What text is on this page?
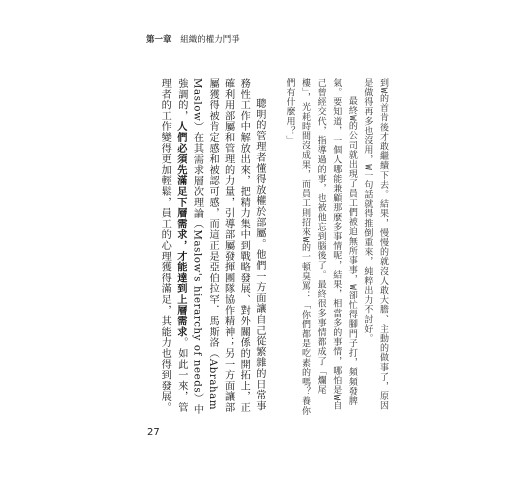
第一章 組織的權力鬥爭

到W的首肯後才敢繼續下去。結果，慢慢的就沒人敢大膽、主動的做事了，原因是做得再多也沒用，W一句話就得推倒重來，純粹出力不討好。

最終W的公司就出現了員工們被迫無所事事，W卻忙得腳門子打，頻頻發脾氣。要知道，一個人哪能兼顧那麼多事情呢，結果，相當多的事情，哪怕是W自己曾經交代，指導過的事，也被他忘到腦後了。最終很多事情都成了「爛尾樓」，光耗時間沒成果，而員工則招來W的一頓臭罵：「你們都是吃素的嗎？養你們有什麼用？」

聰明的管理者懂得放權於部屬。他們一方面讓自己從繁雜的日常事務性工作中解放出來，把精力集中到戰略發展、對外關係的開拓上，正確利用部屬和管理的力量，引導部屬發揮團隊協作精神；另一方面讓部屬獲得被肯定感和被認可感，而這正是亞伯拉罕．馬斯洛（Abraham Maslow）在其需求層次理論（Maslow's hierarchy of needs）中強調的，人們必須先滿足下層需求，才能達到上層需求。如此一來，管理者的工作變得更加輕鬆，員工的心理獲得滿足，其能力也得到發展。

27
